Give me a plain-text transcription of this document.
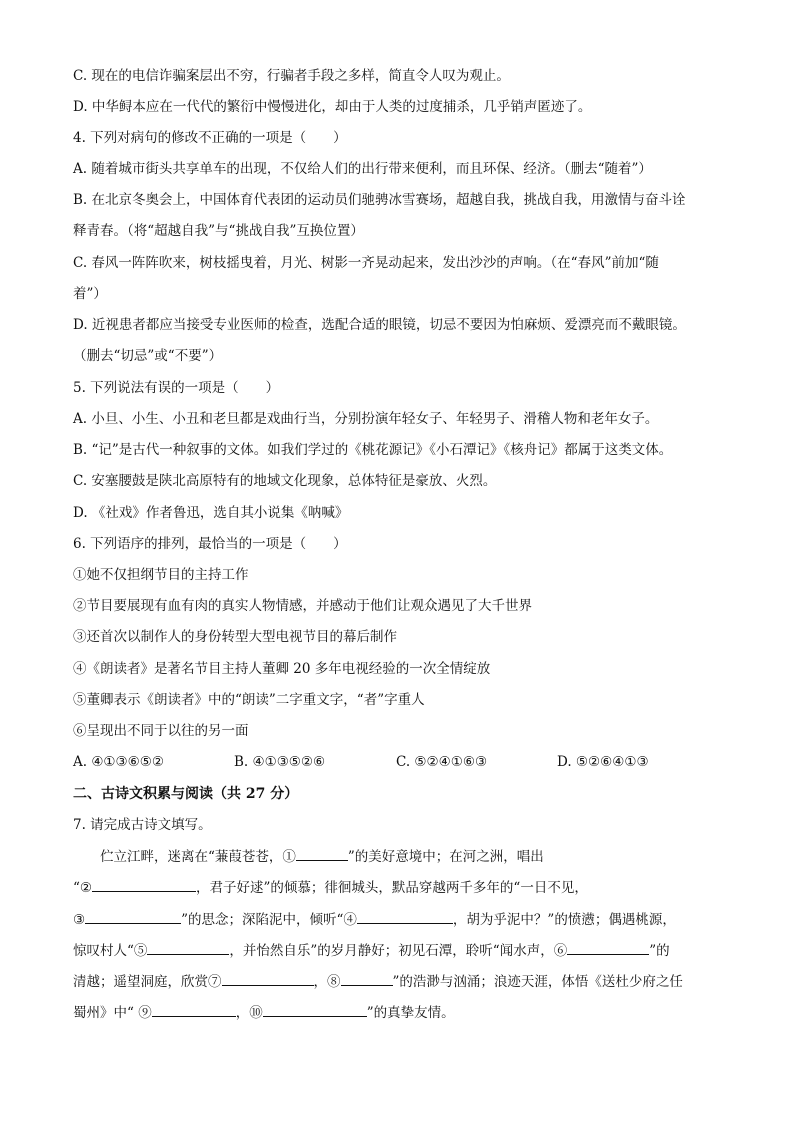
C. 现在的电信诈骗案层出不穷，行骗者手段之多样，简直令人叹为观止。
D. 中华鲟本应在一代代的繁衍中慢慢进化，却由于人类的过度捕杀，几乎销声匿迹了。
4. 下列对病句的修改不正确的一项是（　　）
A. 随着城市街头共享单车的出现，不仅给人们的出行带来便利，而且环保、经济。（删去“随着”）
B. 在北京冬奥会上，中国体育代表团的运动员们驰骋冰雪赛场，超越自我，挑战自我，用激情与奋斗诠
释青春。（将“超越自我”与“挑战自我”互换位置）
C. 春风一阵阵吹来，树枝摇曳着，月光、树影一齐晃动起来，发出沙沙的声响。（在“春风”前加“随
着”）
D. 近视患者都应当接受专业医师的检查，选配合适的眼镜，切忌不要因为怕麻烦、爱漂亮而不戴眼镜。
（删去“切忌”或“不要”）
5. 下列说法有误的一项是（　　）
A. 小旦、小生、小丑和老旦都是戏曲行当，分别扮演年轻女子、年轻男子、滑稽人物和老年女子。
B. “记”是古代一种叙事的文体。如我们学过的《桃花源记》《小石潭记》《核舟记》都属于这类文体。
C. 安塞腰鼓是陕北高原特有的地域文化现象，总体特征是豪放、火烈。
D. 《社戏》作者鲁迅，选自其小说集《呐喊》
6. 下列语序的排列，最恰当的一项是（　　）
①她不仅担纲节目的主持工作
②节目要展现有血有肉的真实人物情感，并感动于他们让观众遇见了大千世界
③还首次以制作人的身份转型大型电视节目的幕后制作
④《朗读者》是著名节目主持人董卿 20 多年电视经验的一次全情绽放
⑤董卿表示《朗读者》中的“朗读”二字重文字，“者”字重人
⑥呈现出不同于以往的另一面
A. ④①③⑥⑤②	B. ④①③⑤②⑥	C. ⑤②④①⑥③	D. ⑤②⑥④①③
二、古诗文积累与阅读（共 27 分）
7. 请完成古诗文填写。
伫立江畔，迷离在“蒹葭苍苍，①	”的美好意境中；在河之洲，唱出
“②	，君子好逑”的倾慕；徘徊城头，默品穿越两千多年的“一日不见，
③	”的思念；深陷泥中，倾听“④	，胡为乎泥中？”的愤懑；偶遇桃源，
惊叹村人“⑤	，并怡然自乐”的岁月静好；初见石潭，聆听“闻水声，⑥	”的
清越；遥望洞庭，欣赏⑦	，⑧	”的浩渺与汹涌；浪迹天涯，体悟《送杜少府之任
蜀州》中“ ⑨	，⑩	”的真挚友情。
